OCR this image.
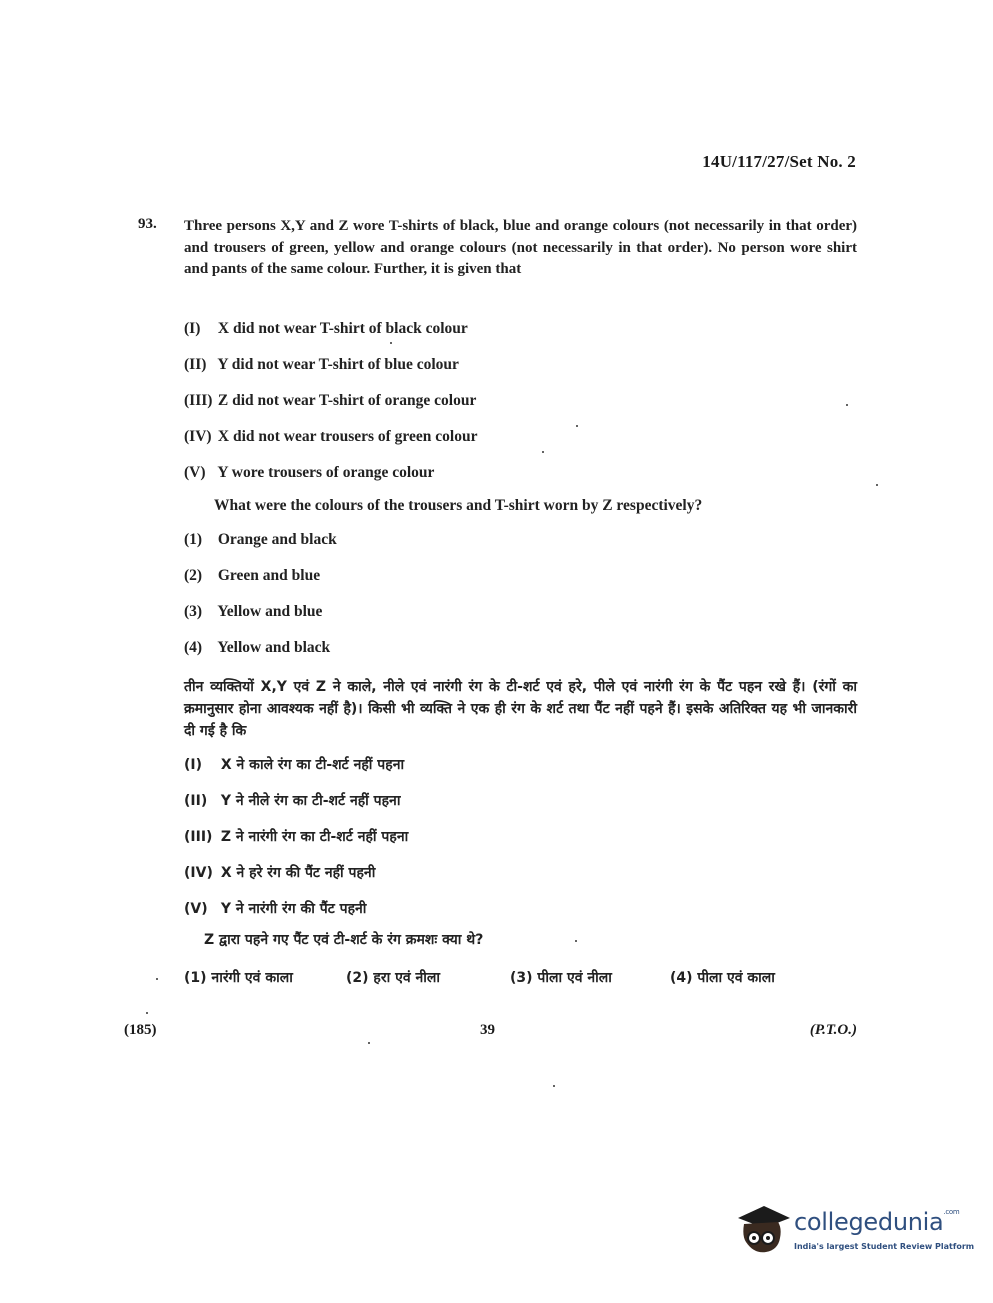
14U/117/27/Set No. 2
93. Three persons X,Y and Z wore T-shirts of black, blue and orange colours (not necessarily in that order) and trousers of green, yellow and orange colours (not necessarily in that order). No person wore shirt and pants of the same colour. Further, it is given that
(I) X did not wear T-shirt of black colour
(II) Y did not wear T-shirt of blue colour
(III) Z did not wear T-shirt of orange colour
(IV) X did not wear trousers of green colour
(V) Y wore trousers of orange colour
What were the colours of the trousers and T-shirt worn by Z respectively?
(1) Orange and black
(2) Green and blue
(3) Yellow and blue
(4) Yellow and black
तीन व्यक्तियों X,Y एवं Z ने काले, नीले एवं नारंगी रंग के टी-शर्ट एवं हरे, पीले एवं नारंगी रंग के पैंट पहन रखे हैं। (रंगों का क्रमानुसार होना आवश्यक नहीं है)। किसी भी व्यक्ति ने एक ही रंग के शर्ट तथा पैंट नहीं पहने हैं। इसके अतिरिक्त यह भी जानकारी दी गई है कि
(I) X ने काले रंग का टी-शर्ट नहीं पहना
(II) Y ने नीले रंग का टी-शर्ट नहीं पहना
(III) Z ने नारंगी रंग का टी-शर्ट नहीं पहना
(IV) X ने हरे रंग की पैंट नहीं पहनी
(V) Y ने नारंगी रंग की पैंट पहनी
Z द्वारा पहने गए पैंट एवं टी-शर्ट के रंग क्रमशः क्या थे?
(1) नारंगी एवं काला	(2) हरा एवं नीला	(3) पीला एवं नीला	(4) पीला एवं काला
(185)	39	(P.T.O.)
collegedunia$^{.com}$
India's largest Student Review Platform
